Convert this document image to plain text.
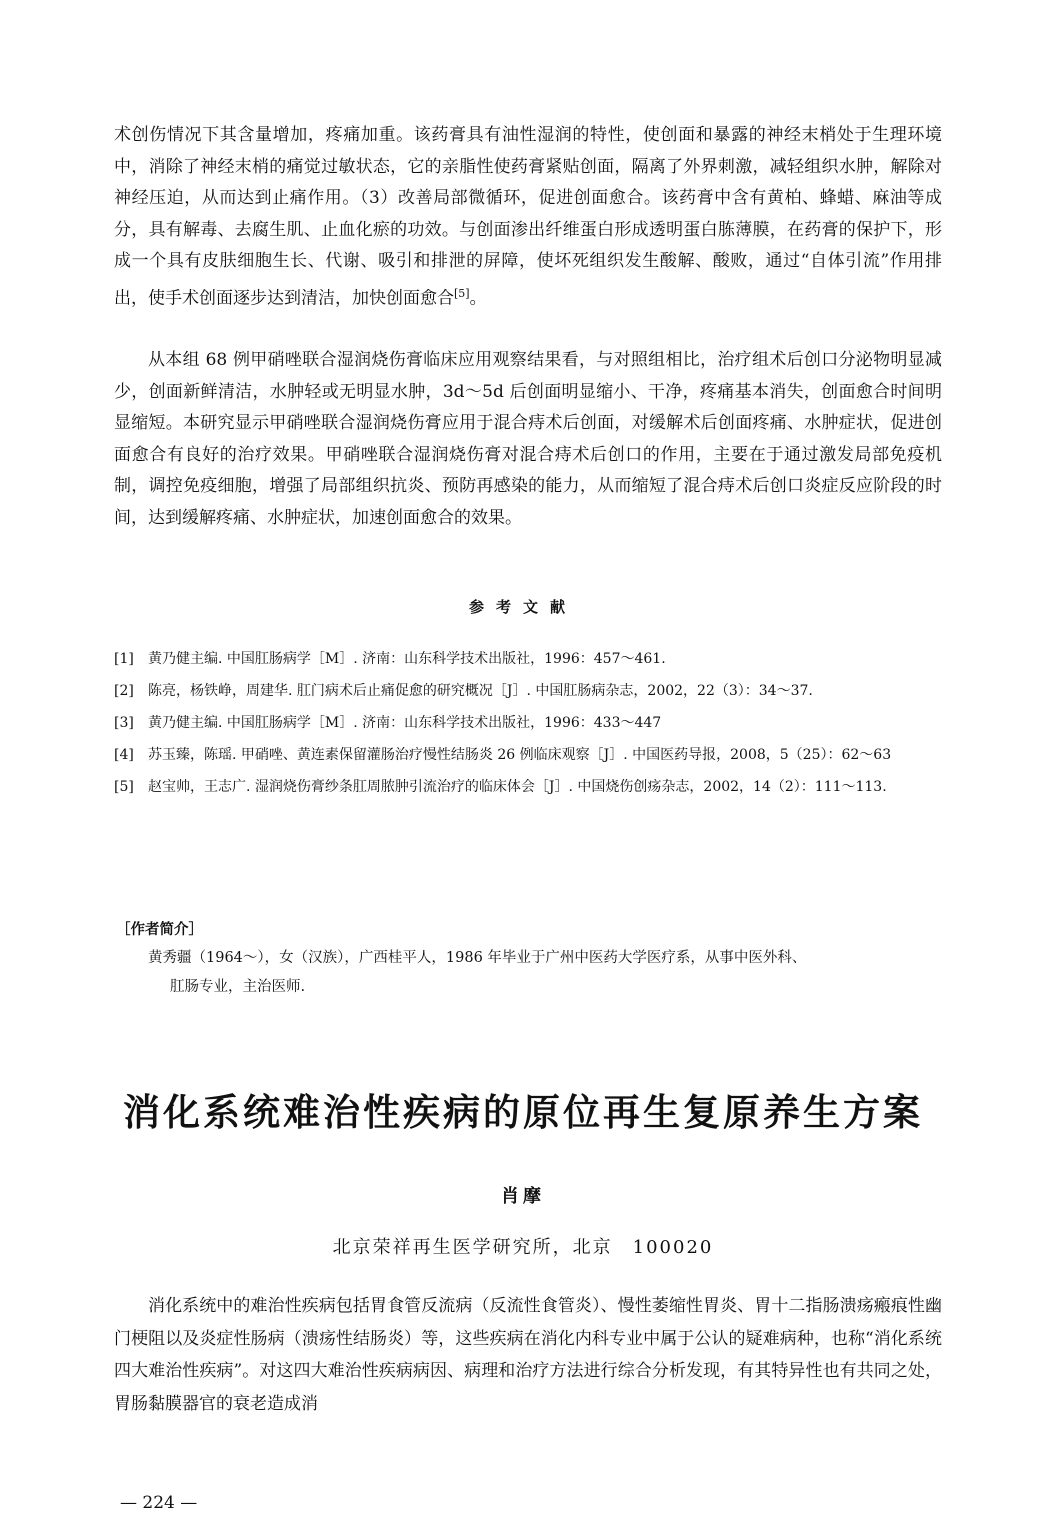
术创伤情况下其含量增加，疼痛加重。该药膏具有油性湿润的特性，使创面和暴露的神经末梢处于生理环境中，消除了神经末梢的痛觉过敏状态，它的亲脂性使药膏紧贴创面，隔离了外界刺激，减轻组织水肿，解除对神经压迫，从而达到止痛作用。（3）改善局部微循环，促进创面愈合。该药膏中含有黄柏、蜂蜡、麻油等成分，具有解毒、去腐生肌、止血化瘀的功效。与创面渗出纤维蛋白形成透明蛋白胨薄膜，在药膏的保护下，形成一个具有皮肤细胞生长、代谢、吸引和排泄的屏障，使坏死组织发生酸解、酸败，通过“自体引流”作用排出，使手术创面逐步达到清洁，加快创面愈合[5]。

从本组 68 例甲硝唑联合湿润烧伤膏临床应用观察结果看，与对照组相比，治疗组术后创口分泌物明显减少，创面新鲜清洁，水肿轻或无明显水肿，3d～5d 后创面明显缩小、干净，疼痛基本消失，创面愈合时间明显缩短。本研究显示甲硝唑联合湿润烧伤膏应用于混合痔术后创面，对缓解术后创面疼痛、水肿症状，促进创面愈合有良好的治疗效果。甲硝唑联合湿润烧伤膏对混合痔术后创口的作用，主要在于通过激发局部免疫机制，调控免疫细胞，增强了局部组织抗炎、预防再感染的能力，从而缩短了混合痔术后创口炎症反应阶段的时间，达到缓解疼痛、水肿症状，加速创面愈合的效果。

参考文献
[1] 黄乃健主编. 中国肛肠病学［M］. 济南：山东科学技术出版社，1996：457～461.
[2] 陈亮，杨铁峥，周建华. 肛门病术后止痛促愈的研究概况［J］. 中国肛肠病杂志，2002，22（3）：34～37.
[3] 黄乃健主编. 中国肛肠病学［M］. 济南：山东科学技术出版社，1996：433～447
[4] 苏玉臻，陈瑶. 甲硝唑、黄连素保留灌肠治疗慢性结肠炎 26 例临床观察［J］. 中国医药导报，2008，5（25）：62～63
[5] 赵宝帅，王志广. 湿润烧伤膏纱条肛周脓肿引流治疗的临床体会［J］. 中国烧伤创疡杂志，2002，14（2）：111～113.
［作者简介］
黄秀疆（1964～），女（汉族），广西桂平人，1986 年毕业于广州中医药大学医疗系，从事中医外科、
肛肠专业，主治医师.
消化系统难治性疾病的原位再生复原养生方案
肖摩
北京荣祥再生医学研究所，北京　100020

消化系统中的难治性疾病包括胃食管反流病（反流性食管炎）、慢性萎缩性胃炎、胃十二指肠溃疡瘢痕性幽门梗阻以及炎症性肠病（溃疡性结肠炎）等，这些疾病在消化内科专业中属于公认的疑难病种，也称“消化系统四大难治性疾病”。对这四大难治性疾病病因、病理和治疗方法进行综合分析发现，有其特异性也有共同之处，胃肠黏膜器官的衰老造成消

— 224 —
